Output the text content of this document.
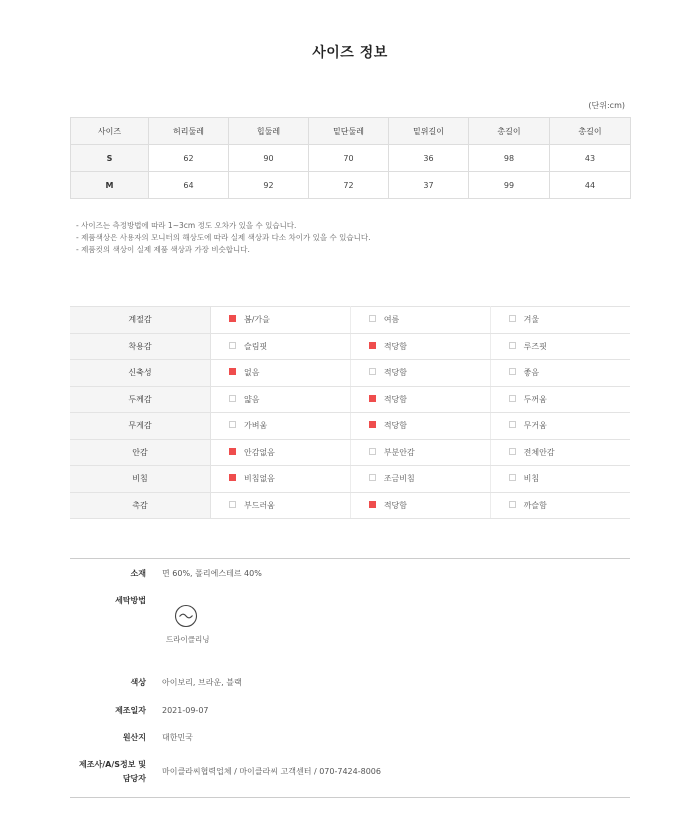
사이즈 정보
(단위:cm)
사이즈	허리둘레	힙둘레	밑단둘레	밑위길이	총길이	총길이
S	62	90	70	36	98	43
M	64	92	72	37	99	44
- 사이즈는 측정방법에 따라 1~3cm 정도 오차가 있을 수 있습니다.
- 제품색상은 사용자의 모니터의 해상도에 따라 실제 색상과 다소 차이가 있을 수 있습니다.
- 제품컷의 색상이 실제 제품 색상과 가장 비슷합니다.
계절감	봄/가을	여름	겨울
착용감	슬림핏	적당함	루즈핏
신축성	없음	적당함	좋음
두께감	얇음	적당함	두꺼움
무게감	가벼움	적당함	무거움
안감	안감없음	부분안감	전체안감
비침	비침없음	조금비침	비침
촉감	부드러움	적당함	까슬함
소재 면 60%, 폴리에스테르 40%
세탁방법
드라이클리닝
색상 아이보리, 브라운, 블랙
제조일자 2021-09-07
원산지 대한민국
제조사/A/S정보 및
담당자
마이클라씨협력업체 / 마이클라씨 고객센터 / 070-7424-8006
